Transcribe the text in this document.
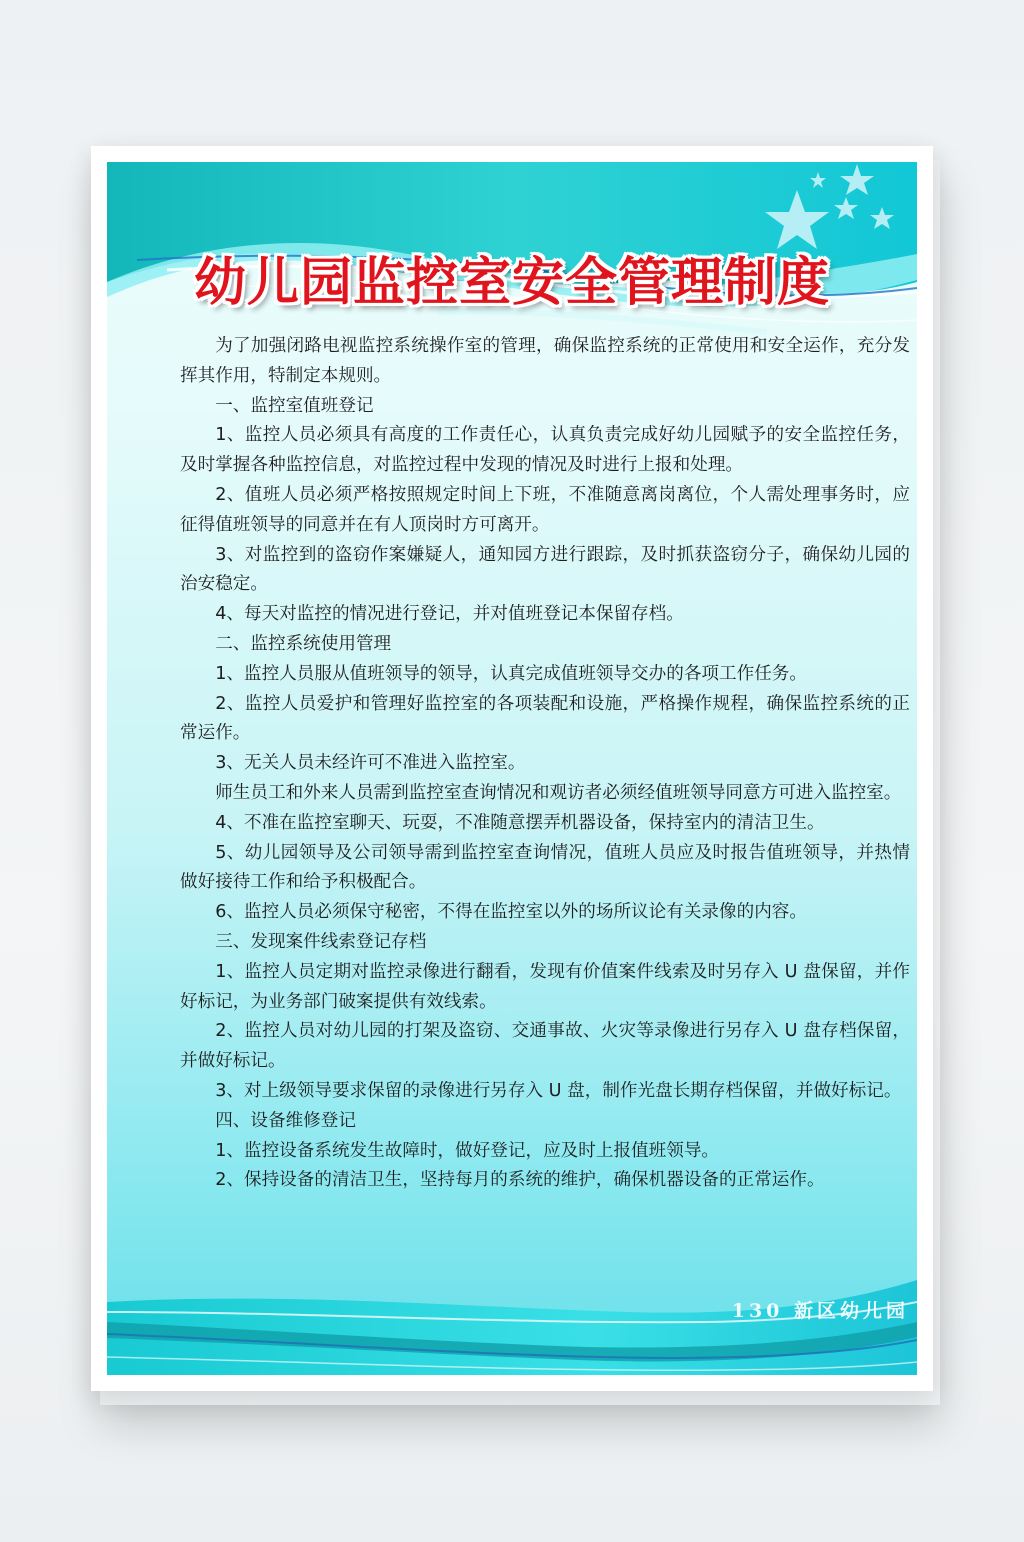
幼儿园监控室安全管理制度

为了加强闭路电视监控系统操作室的管理，确保监控系统的正常使用和安全运作，充分发挥其作用，特制定本规则。

一、监控室值班登记

1、监控人员必须具有高度的工作责任心，认真负责完成好幼儿园赋予的安全监控任务，及时掌握各种监控信息，对监控过程中发现的情况及时进行上报和处理。

2、值班人员必须严格按照规定时间上下班，不准随意离岗离位，个人需处理事务时，应征得值班领导的同意并在有人顶岗时方可离开。

3、对监控到的盗窃作案嫌疑人，通知园方进行跟踪，及时抓获盗窃分子，确保幼儿园的治安稳定。

4、每天对监控的情况进行登记，并对值班登记本保留存档。

二、监控系统使用管理

1、监控人员服从值班领导的领导，认真完成值班领导交办的各项工作任务。

2、监控人员爱护和管理好监控室的各项装配和设施，严格操作规程，确保监控系统的正常运作。

3、无关人员未经许可不准进入监控室。

师生员工和外来人员需到监控室查询情况和观访者必须经值班领导同意方可进入监控室。

4、不准在监控室聊天、玩耍，不准随意摆弄机器设备，保持室内的清洁卫生。

5、幼儿园领导及公司领导需到监控室查询情况，值班人员应及时报告值班领导，并热情做好接待工作和给予积极配合。

6、监控人员必须保守秘密，不得在监控室以外的场所议论有关录像的内容。

三、发现案件线索登记存档

1、监控人员定期对监控录像进行翻看，发现有价值案件线索及时另存入 U 盘保留，并作好标记，为业务部门破案提供有效线索。

2、监控人员对幼儿园的打架及盗窃、交通事故、火灾等录像进行另存入 U 盘存档保留，并做好标记。

3、对上级领导要求保留的录像进行另存入 U 盘，制作光盘长期存档保留，并做好标记。

四、设备维修登记

1、监控设备系统发生故障时，做好登记，应及时上报值班领导。

2、保持设备的清洁卫生，坚持每月的系统的维护，确保机器设备的正常运作。

130 新区幼儿园
